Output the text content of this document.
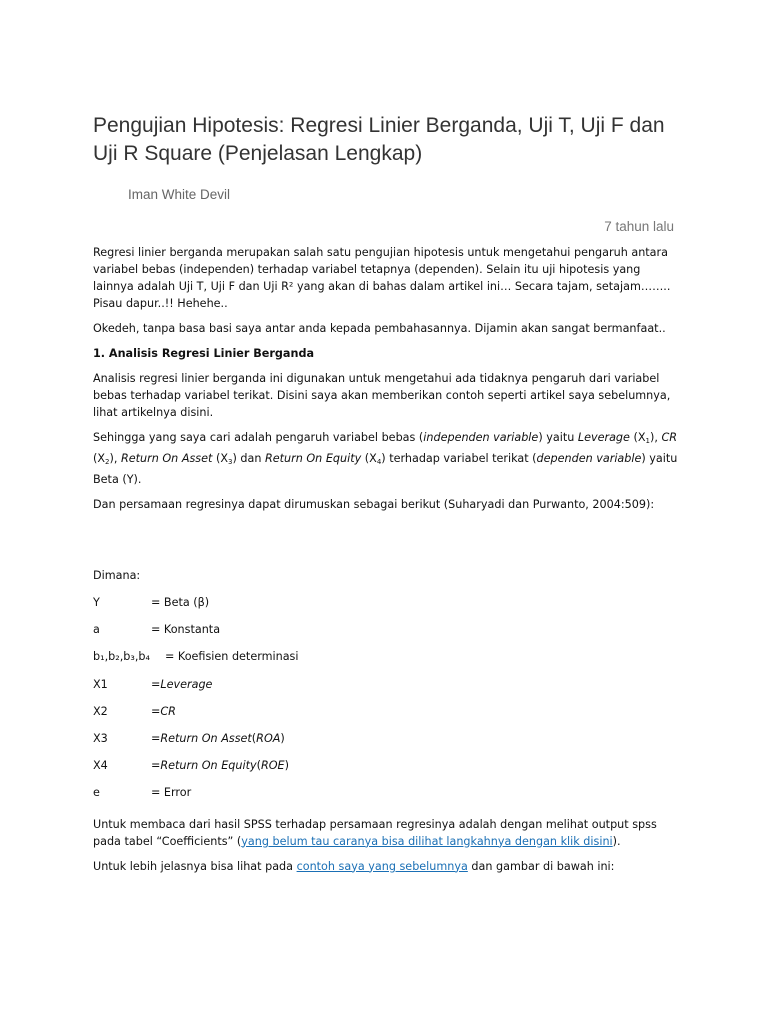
Pengujian Hipotesis: Regresi Linier Berganda, Uji T, Uji F dan Uji R Square (Penjelasan Lengkap)
Iman White Devil
7 tahun lalu

Regresi linier berganda merupakan salah satu pengujian hipotesis untuk mengetahui pengaruh antara variabel bebas (independen) terhadap variabel tetapnya (dependen). Selain itu uji hipotesis yang lainnya adalah Uji T, Uji F dan Uji R² yang akan di bahas dalam artikel ini… Secara tajam, setajam…….. Pisau dapur..!! Hehehe..

Okedeh, tanpa basa basi saya antar anda kepada pembahasannya. Dijamin akan sangat bermanfaat..

1. Analisis Regresi Linier Berganda

Analisis regresi linier berganda ini digunakan untuk mengetahui ada tidaknya pengaruh dari variabel bebas terhadap variabel terikat. Disini saya akan memberikan contoh seperti artikel saya sebelumnya, lihat artikelnya disini.

Sehingga yang saya cari adalah pengaruh variabel bebas (independen variable) yaitu Leverage $(X_1)$, CR $(X_2)$, Return On Asset $(X_3)$ dan Return On Equity $(X_4)$ terhadap variabel terikat (dependen variable) yaitu Beta (Y).

Dan persamaan regresinya dapat dirumuskan sebagai berikut (Suharyadi dan Purwanto, 2004:509):

Dimana:

Y	= Beta (β)
a	= Konstanta
b₁,b₂,b₃,b₄	= Koefisien determinasi
X1	= Leverage
X2	= CR
X3	= Return On Asset ( ROA )
X4	= Return On Equity ( ROE )
e	= Error

Untuk membaca dari hasil SPSS terhadap persamaan regresinya adalah dengan melihat output spss pada tabel “Coefficients” (yang belum tau caranya bisa dilihat langkahnya dengan klik disini).

Untuk lebih jelasnya bisa lihat pada contoh saya yang sebelumnya dan gambar di bawah ini:
